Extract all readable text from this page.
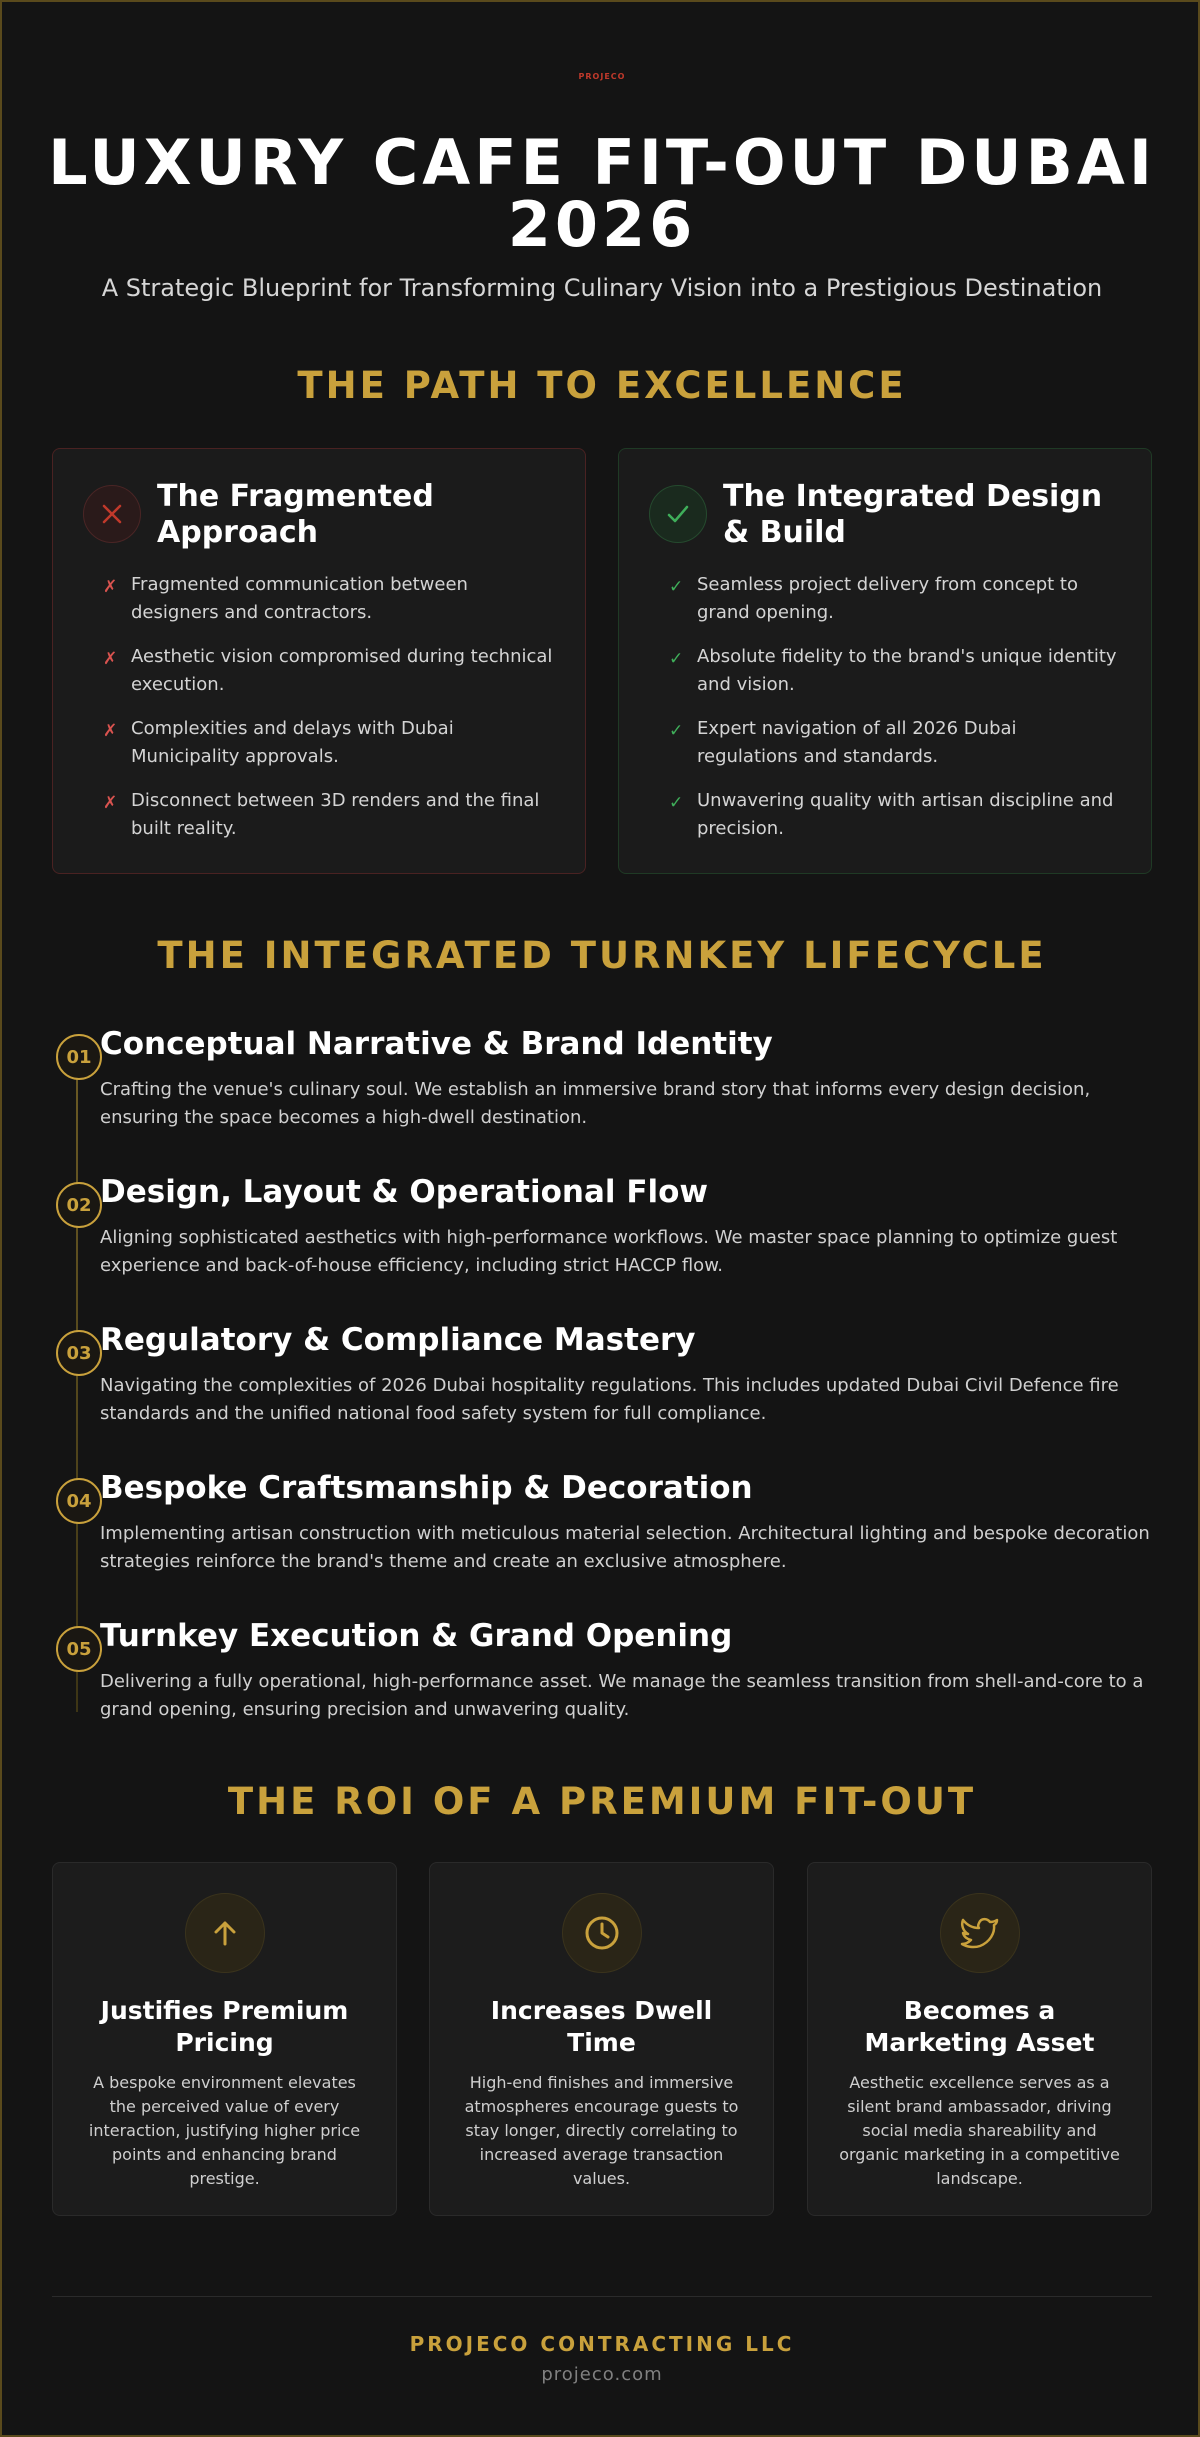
PROJECO
LUXURY CAFE FIT-OUT DUBAI 2026

A Strategic Blueprint for Transforming Culinary Vision into a Prestigious Destination

THE PATH TO EXCELLENCE
The Fragmented Approach
✗ Fragmented communication between designers and contractors.
✗ Aesthetic vision compromised during technical execution.
✗ Complexities and delays with Dubai Municipality approvals.
✗ Disconnect between 3D renders and the final built reality.
The Integrated Design & Build
✓ Seamless project delivery from concept to grand opening.
✓ Absolute fidelity to the brand's unique identity and vision.
✓ Expert navigation of all 2026 Dubai regulations and standards.
✓ Unwavering quality with artisan discipline and precision.
THE INTEGRATED TURNKEY LIFECYCLE
01 Conceptual Narrative & Brand Identity
Crafting the venue's culinary soul. We establish an immersive brand story that informs every design decision, ensuring the space becomes a high-dwell destination.
02 Design, Layout & Operational Flow
Aligning sophisticated aesthetics with high-performance workflows. We master space planning to optimize guest experience and back-of-house efficiency, including strict HACCP flow.
03 Regulatory & Compliance Mastery
Navigating the complexities of 2026 Dubai hospitality regulations. This includes updated Dubai Civil Defence fire standards and the unified national food safety system for full compliance.
04 Bespoke Craftsmanship & Decoration
Implementing artisan construction with meticulous material selection. Architectural lighting and bespoke decoration strategies reinforce the brand's theme and create an exclusive atmosphere.
05 Turnkey Execution & Grand Opening
Delivering a fully operational, high-performance asset. We manage the seamless transition from shell-and-core to a grand opening, ensuring precision and unwavering quality.
THE ROI OF A PREMIUM FIT-OUT
Justifies Premium Pricing
A bespoke environment elevates the perceived value of every interaction, justifying higher price points and enhancing brand prestige.
Increases Dwell Time
High-end finishes and immersive atmospheres encourage guests to stay longer, directly correlating to increased average transaction values.
Becomes a Marketing Asset
Aesthetic excellence serves as a silent brand ambassador, driving social media shareability and organic marketing in a competitive landscape.
PROJECO CONTRACTING LLC
projeco.com
